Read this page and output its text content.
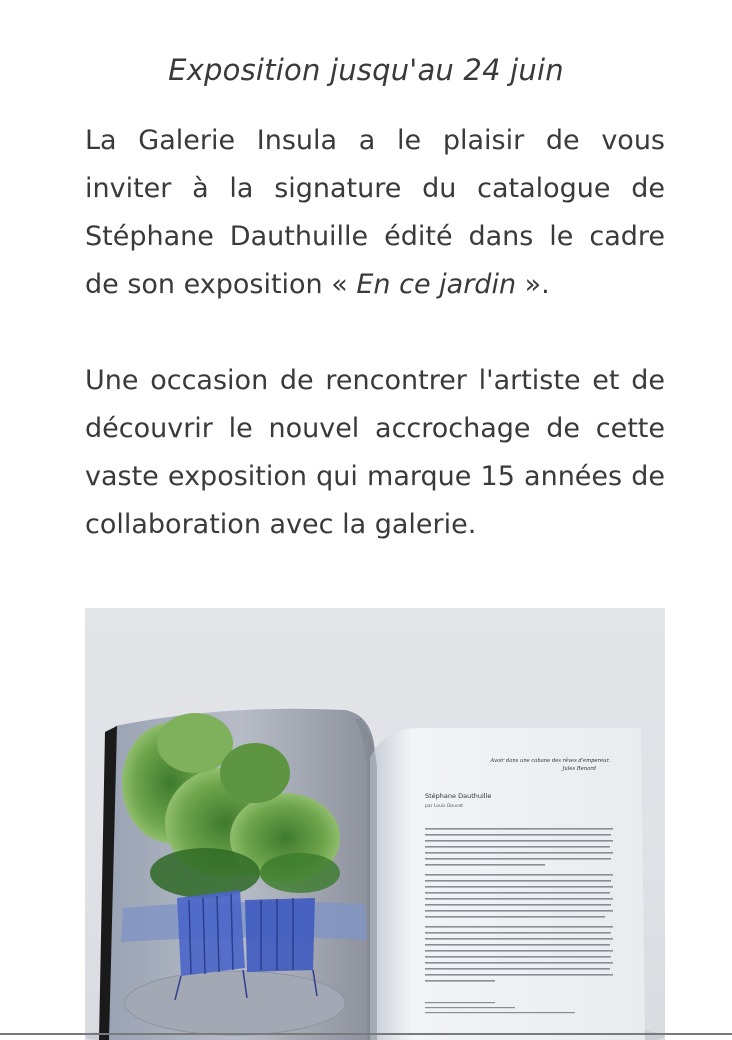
Exposition jusqu'au 24 juin
La Galerie Insula a le plaisir de vous
inviter à la signature du catalogue de
Stéphane Dauthuille édité dans le cadre
de son exposition « En ce jardin ».
Une occasion de rencontrer l'artiste et de
découvrir le nouvel accrochage de cette
vaste exposition qui marque 15 années de
collaboration avec la galerie.
Avoir dans une cabane des rêves d'empereur.
Jules Renard
Stéphane Dauthuille
par Louis Doucet
